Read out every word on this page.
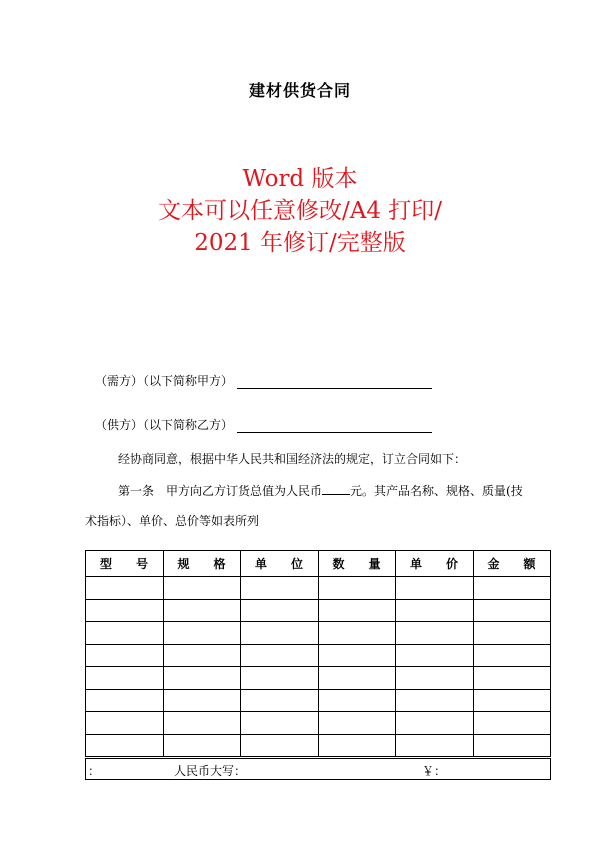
建材供货合同
Word 版本
文本可以任意修改/A4 打印/
2021 年修订/完整版
（需方）（以下简称甲方）
（供方）（以下简称乙方）
经协商同意，根据中华人民共和国经济法的规定，订立合同如下：
第一条　甲方向乙方订货总值为人民币 元。其产品名称、规格、质量(技
术指标）、单价、总价等如表所列
型　号	规　格	单　位	数　量	单　价	金　额

：	人民币大写：	￥：
